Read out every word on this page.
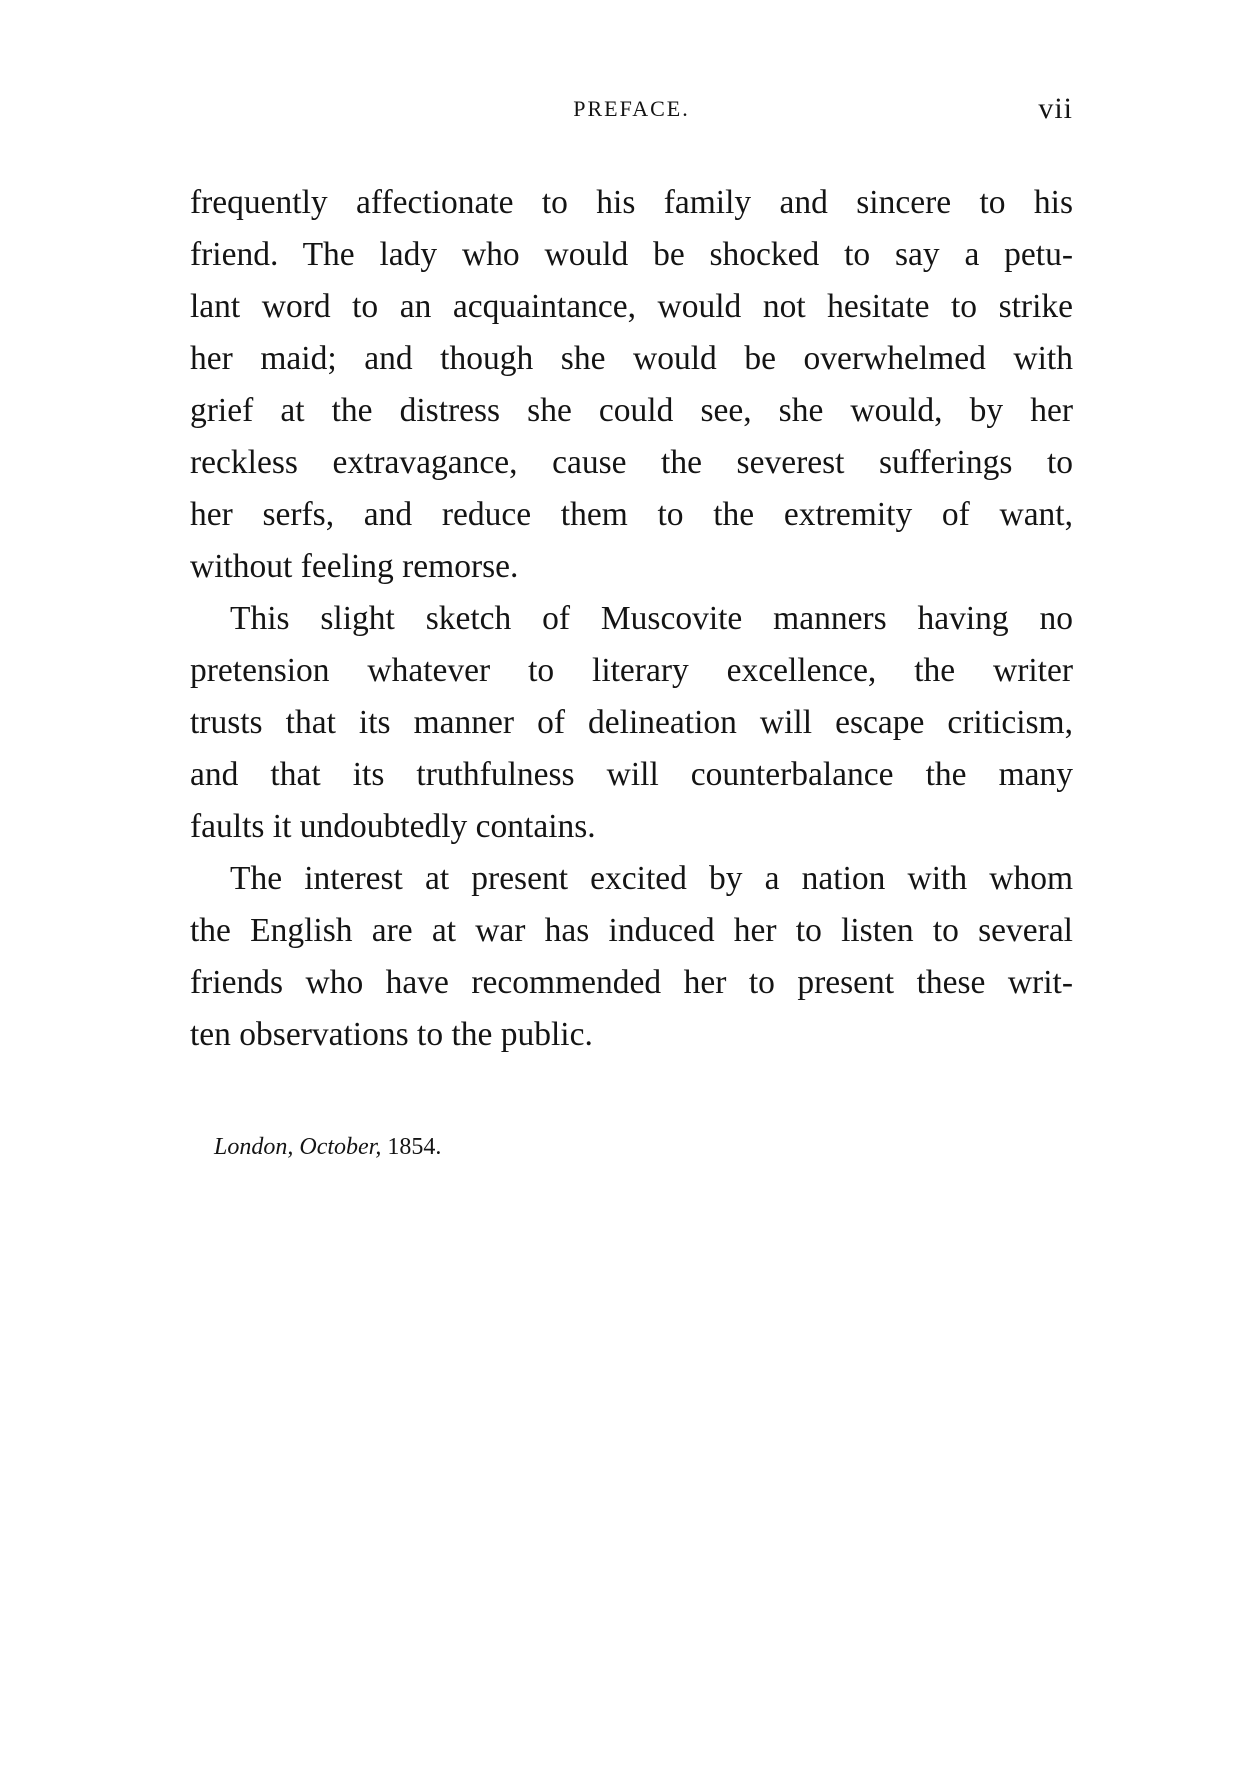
PREFACE.	vii

frequently affectionate to his family and sincere to his
friend. The lady who would be shocked to say a petu-
lant word to an acquaintance, would not hesitate to strike
her maid; and though she would be overwhelmed with
grief at the distress she could see, she would, by her
reckless extravagance, cause the severest sufferings to
her serfs, and reduce them to the extremity of want,
without feeling remorse.

This slight sketch of Muscovite manners having no
pretension whatever to literary excellence, the writer
trusts that its manner of delineation will escape criticism,
and that its truthfulness will counterbalance the many
faults it undoubtedly contains.

The interest at present excited by a nation with whom
the English are at war has induced her to listen to several
friends who have recommended her to present these writ-
ten observations to the public.

London, October, 1854.
